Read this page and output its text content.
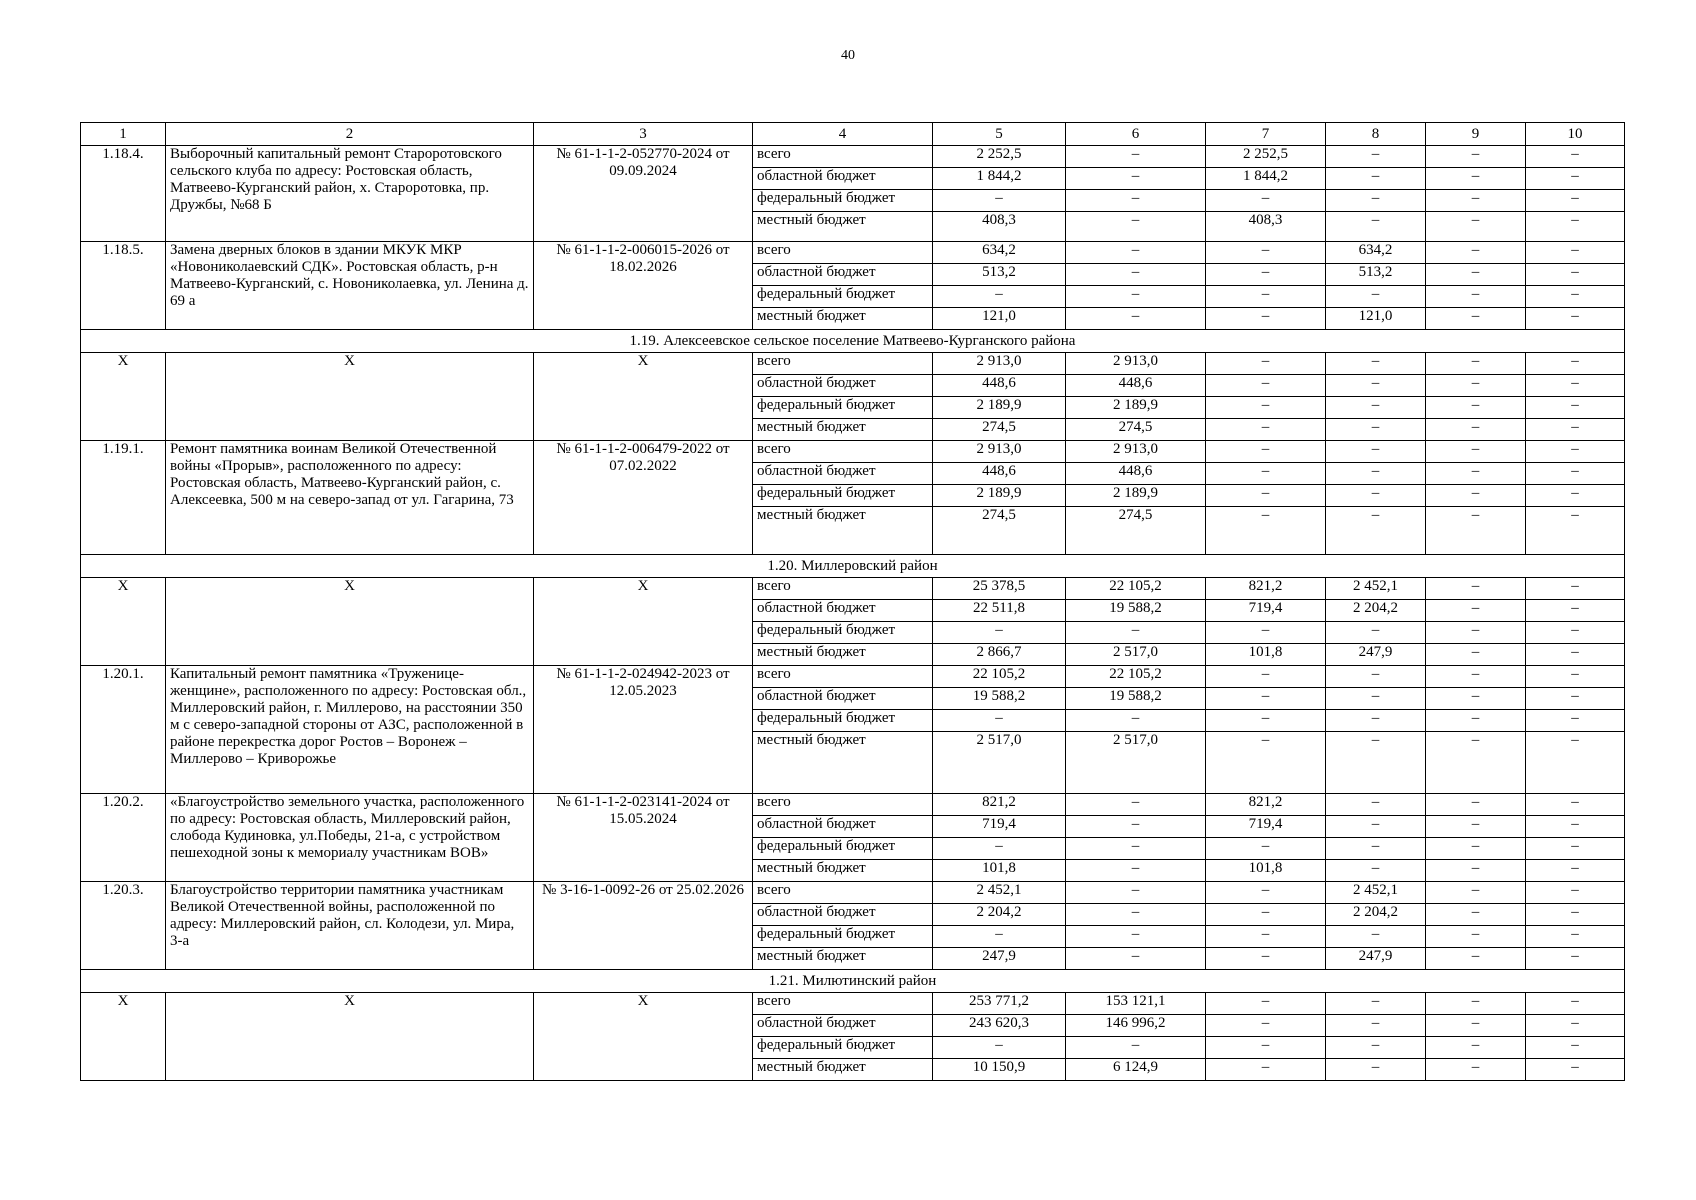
40
1	2	3	4	5	6	7	8	9	10
1.18.4.	Выборочный капитальный ремонт Староротовского сельского клуба по адресу: Ростовская область, Матвеево-Курганский район, х. Староротовка, пр. Дружбы, №68 Б	№ 61-1-1-2-052770-2024 от 09.09.2024	всего	2 252,5	–	2 252,5	–	–	–
			областной бюджет	1 844,2	–	1 844,2	–	–	–
			федеральный бюджет	–	–	–	–	–	–
			местный бюджет	408,3	–	408,3	–	–	–
1.18.5.	Замена дверных блоков в здании МКУК МКР «Новониколаевский СДК». Ростовская область, р-н Матвеево-Курганский, с. Новониколаевка, ул. Ленина д. 69 а	№ 61-1-1-2-006015-2026 от 18.02.2026	всего	634,2	–	–	634,2	–	–
			областной бюджет	513,2	–	–	513,2	–	–
			федеральный бюджет	–	–	–	–	–	–
			местный бюджет	121,0	–	–	121,0	–	–
1.19. Алексеевское сельское поселение Матвеево-Курганского района									
X	X	X	всего	2 913,0	2 913,0	–	–	–	–
			областной бюджет	448,6	448,6	–	–	–	–
			федеральный бюджет	2 189,9	2 189,9	–	–	–	–
			местный бюджет	274,5	274,5	–	–	–	–
1.19.1.	Ремонт памятника воинам Великой Отечественной войны «Прорыв», расположенного по адресу: Ростовская область, Матвеево-Курганский район, с. Алексеевка, 500 м на северо-запад от ул. Гагарина, 73	№ 61-1-1-2-006479-2022 от 07.02.2022	всего	2 913,0	2 913,0	–	–	–	–
			областной бюджет	448,6	448,6	–	–	–	–
			федеральный бюджет	2 189,9	2 189,9	–	–	–	–
			местный бюджет	274,5	274,5	–	–	–	–
1.20. Миллеровский район									
X	X	X	всего	25 378,5	22 105,2	821,2	2 452,1	–	–
			областной бюджет	22 511,8	19 588,2	719,4	2 204,2	–	–
			федеральный бюджет	–	–	–	–	–	–
			местный бюджет	2 866,7	2 517,0	101,8	247,9	–	–
1.20.1.	Капитальный ремонт памятника «Труженице-женщине», расположенного по адресу: Ростовская обл., Миллеровский район, г. Миллерово, на расстоянии 350 м с северо-западной стороны от АЗС, расположенной в районе перекрестка дорог Ростов – Воронеж – Миллерово – Криворожье	№ 61-1-1-2-024942-2023 от 12.05.2023	всего	22 105,2	22 105,2	–	–	–	–
			областной бюджет	19 588,2	19 588,2	–	–	–	–
			федеральный бюджет	–	–	–	–	–	–
			местный бюджет	2 517,0	2 517,0	–	–	–	–
1.20.2.	«Благоустройство земельного участка, расположенного по адресу: Ростовская область, Миллеровский район, слобода Кудиновка, ул.Победы, 21-а, с устройством пешеходной зоны к мемориалу участникам ВОВ»	№ 61-1-1-2-023141-2024 от 15.05.2024	всего	821,2	–	821,2	–	–	–
			областной бюджет	719,4	–	719,4	–	–	–
			федеральный бюджет	–	–	–	–	–	–
			местный бюджет	101,8	–	101,8	–	–	–
1.20.3.	Благоустройство территории памятника участникам Великой Отечественной войны, расположенной по адресу: Миллеровский район, сл. Колодези, ул. Мира, 3-а	№ 3-16-1-0092-26 от 25.02.2026	всего	2 452,1	–	–	2 452,1	–	–
			областной бюджет	2 204,2	–	–	2 204,2	–	–
			федеральный бюджет	–	–	–	–	–	–
			местный бюджет	247,9	–	–	247,9	–	–
1.21. Милютинский район									
X	X	X	всего	253 771,2	153 121,1	–	–	–	–
			областной бюджет	243 620,3	146 996,2	–	–	–	–
			федеральный бюджет	–	–	–	–	–	–
			местный бюджет	10 150,9	6 124,9	–	–	–	–
